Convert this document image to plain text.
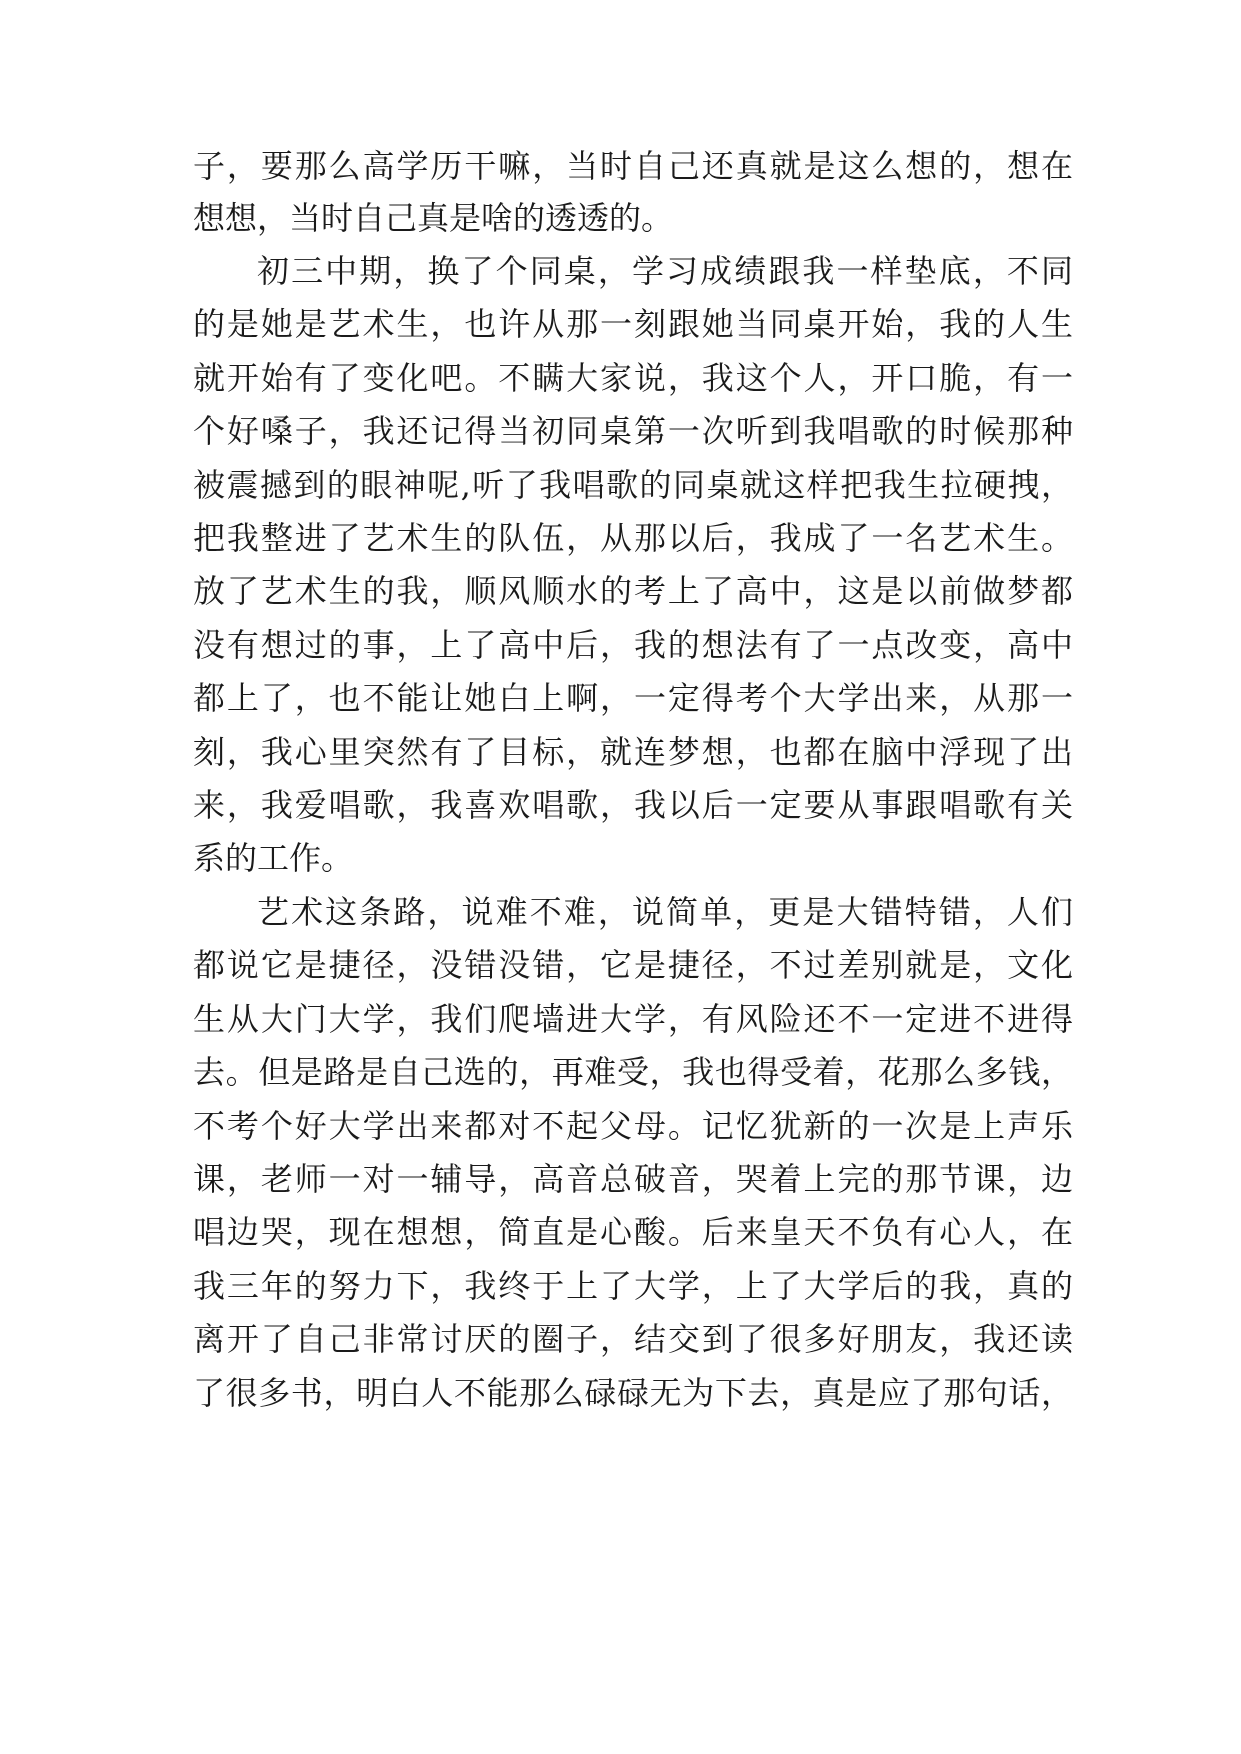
子，要那么高学历干嘛，当时自己还真就是这么想的，想在
想想，当时自己真是啥的透透的。
初三中期，换了个同桌，学习成绩跟我一样垫底，不同
的是她是艺术生，也许从那一刻跟她当同桌开始，我的人生
就开始有了变化吧。不瞒大家说，我这个人，开口脆，有一
个好嗓子，我还记得当初同桌第一次听到我唱歌的时候那种
被震撼到的眼神呢,听了我唱歌的同桌就这样把我生拉硬拽，
把我整进了艺术生的队伍，从那以后，我成了一名艺术生。
放了艺术生的我，顺风顺水的考上了高中，这是以前做梦都
没有想过的事，上了高中后，我的想法有了一点改变，高中
都上了，也不能让她白上啊，一定得考个大学出来，从那一
刻，我心里突然有了目标，就连梦想，也都在脑中浮现了出
来，我爱唱歌，我喜欢唱歌，我以后一定要从事跟唱歌有关
系的工作。
艺术这条路，说难不难，说简单，更是大错特错，人们
都说它是捷径，没错没错，它是捷径，不过差别就是，文化
生从大门大学，我们爬墙进大学，有风险还不一定进不进得
去。但是路是自己选的，再难受，我也得受着，花那么多钱，
不考个好大学出来都对不起父母。记忆犹新的一次是上声乐
课，老师一对一辅导，高音总破音，哭着上完的那节课，边
唱边哭，现在想想，简直是心酸。后来皇天不负有心人，在
我三年的努力下，我终于上了大学，上了大学后的我，真的
离开了自己非常讨厌的圈子，结交到了很多好朋友，我还读
了很多书，明白人不能那么碌碌无为下去，真是应了那句话，
